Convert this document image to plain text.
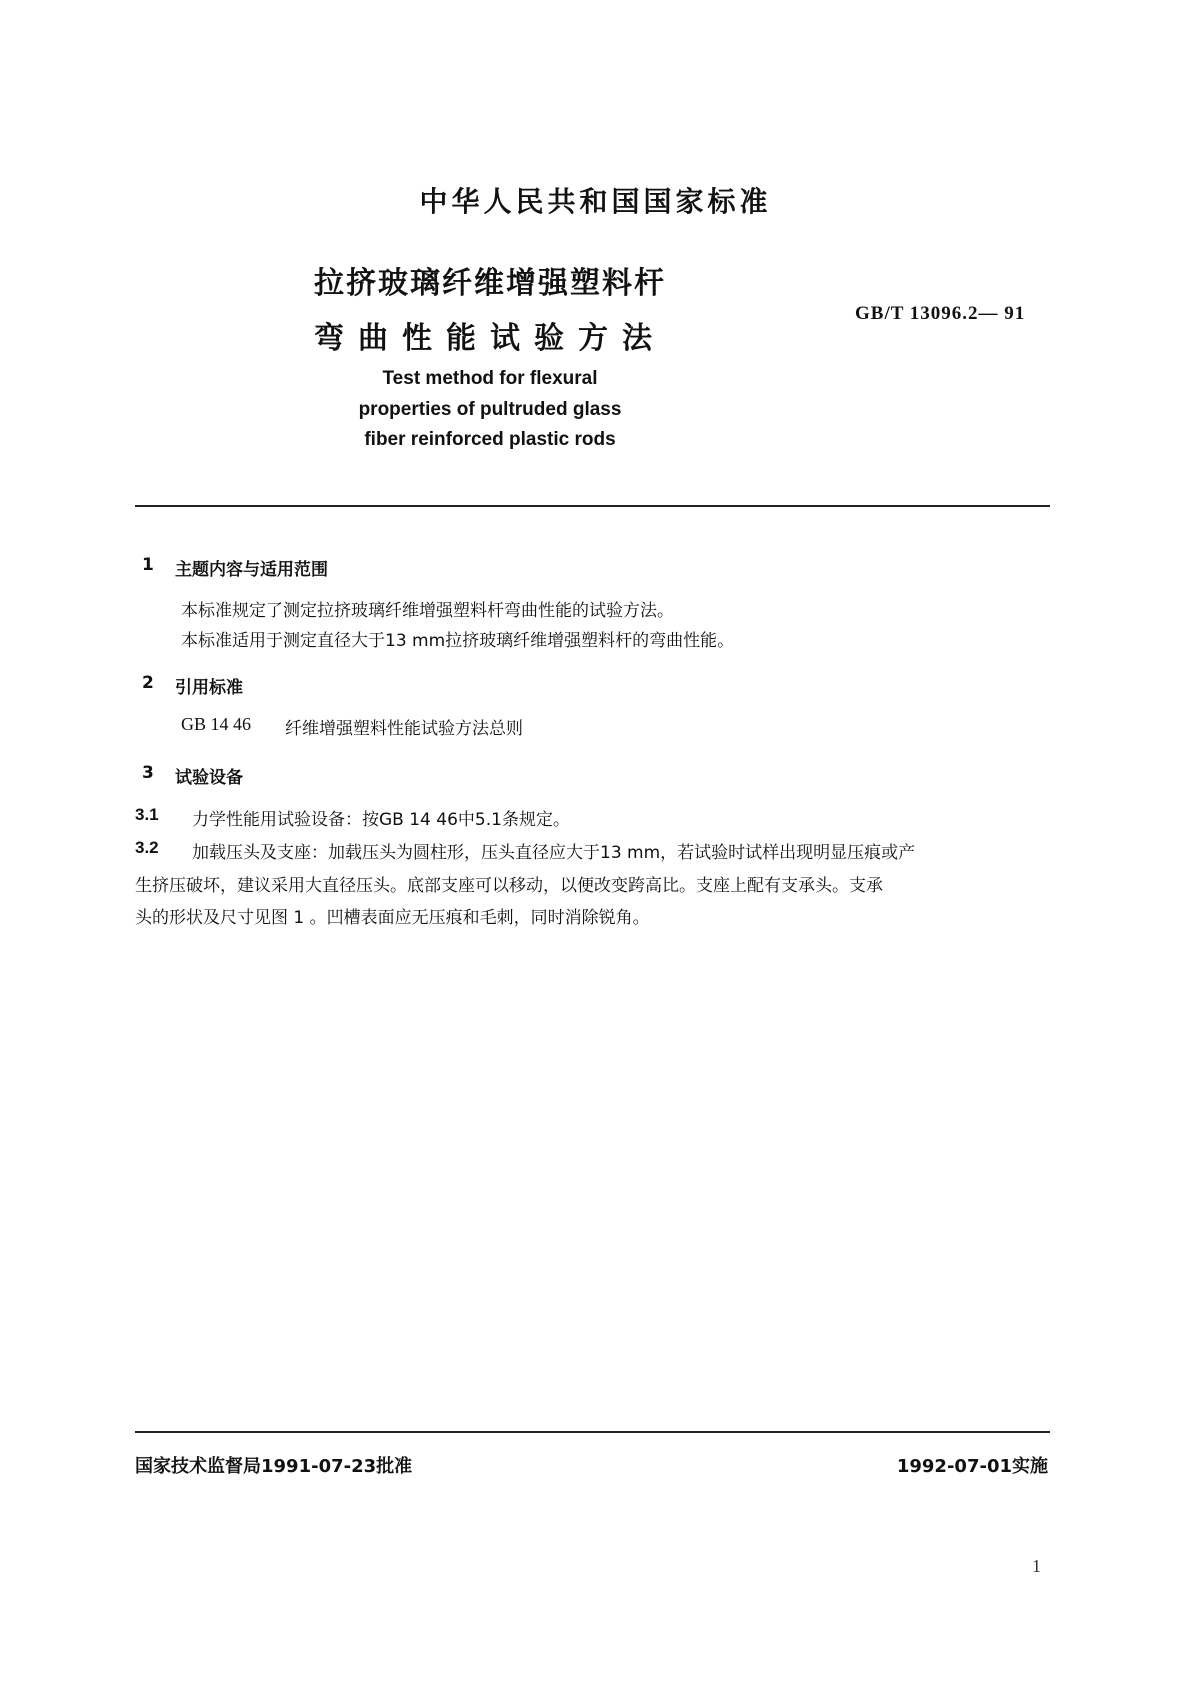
中华人民共和国国家标准
拉挤玻璃纤维增强塑料杆
弯曲性能试验方法
GB/T 13096.2— 91
Test method for flexural
properties of pultruded glass
fiber reinforced plastic rods
1 主题内容与适用范围
本标准规定了测定拉挤玻璃纤维增强塑料杆弯曲性能的试验方法。
本标准适用于测定直径大于13 mm拉挤玻璃纤维增强塑料杆的弯曲性能。
2 引用标准
GB 14 46 纤维增强塑料性能试验方法总则
3 试验设备
3.1 力学性能用试验设备：按GB 14 46中5.1条规定。
3.2 加载压头及支座：加载压头为圆柱形，压头直径应大于13 mm，若试验时试样出现明显压痕或产
生挤压破坏，建议采用大直径压头。底部支座可以移动，以便改变跨高比。支座上配有支承头。支承
头的形状及尺寸见图 1 。凹槽表面应无压痕和毛刺，同时消除锐角。
国家技术监督局1991-07-23批准	1992-07-01实施
1
